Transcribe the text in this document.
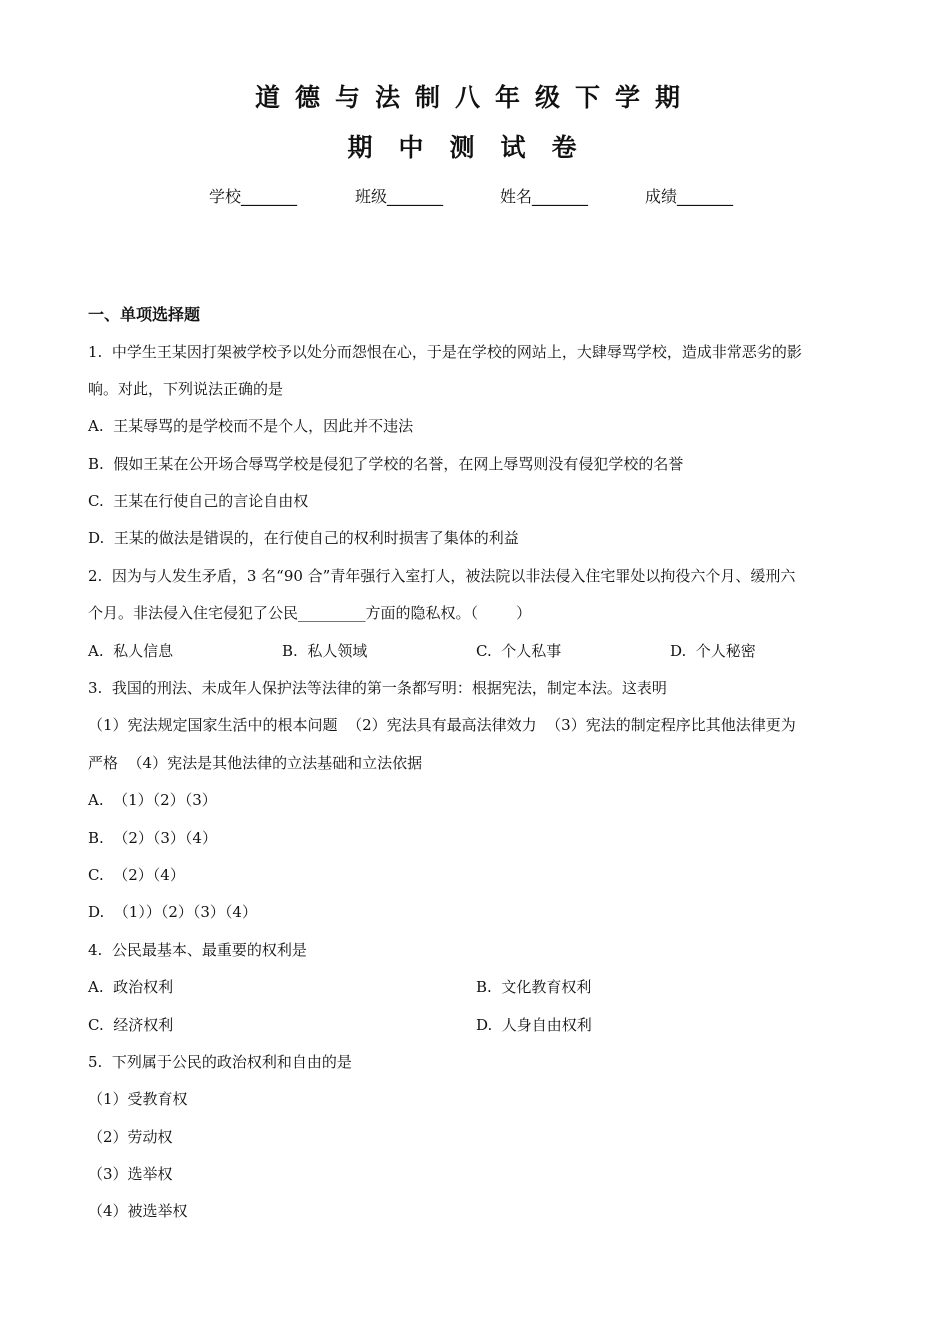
道德与法制八年级下学期
期中测试卷
学校_______	班级_______	姓名_______	成绩_______
一、单项选择题
1.  中学生王某因打架被学校予以处分而怨恨在心，于是在学校的网站上，大肆辱骂学校，造成非常恶劣的影
响。对此，下列说法正确的是
A.  王某辱骂的是学校而不是个人，因此并不违法
B.  假如王某在公开场合辱骂学校是侵犯了学校的名誉，在网上辱骂则没有侵犯学校的名誉
C.  王某在行使自己的言论自由权
D.  王某的做法是错误的，在行使自己的权利时损害了集体的利益
2.  因为与人发生矛盾，3 名“90 合”青年强行入室打人，被法院以非法侵入住宅罪处以拘役六个月、缓刑六
个月。非法侵入住宅侵犯了公民_________方面的隐私权。（        ）
A.  私人信息	B.  私人领域	C.  个人私事	D.  个人秘密
3.  我国的刑法、未成年人保护法等法律的第一条都写明：根据宪法，制定本法。这表明
（1）宪法规定国家生活中的根本问题  （2）宪法具有最高法律效力  （3）宪法的制定程序比其他法律更为
严格  （4）宪法是其他法律的立法基础和立法依据
A.  （1）（2）（3）
B.  （2）（3）（4）
C.  （2）（4）
D.  （1））（2）（3）（4）
4.  公民最基本、最重要的权利是
A.  政治权利	B.  文化教育权利
C.  经济权利	D.  人身自由权利
5.  下列属于公民的政治权利和自由的是
（1）受教育权
（2）劳动权
（3）选举权
（4）被选举权
